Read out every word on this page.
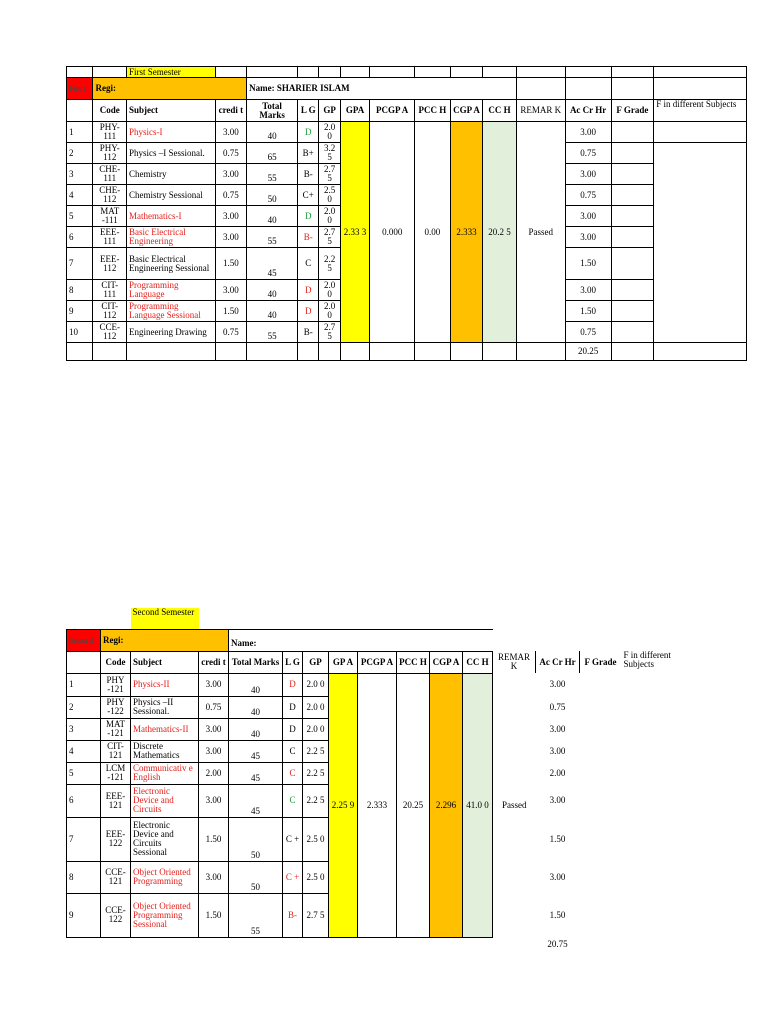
		First Semester													
Firs t	Regi:			Name: SHARIER ISLAM											
	Code	Subject	credi t	Total Marks	L G	GP	GPA	PCGP A	PCC H	CGP A	CC H	REMAR K	Ac Cr Hr	F Grade	F in different Subjects
1	PHY-111	Physics-I	3.00	40	D	2.0 0	2.33 3	0.000	0.00	2.333	20.2 5	Passed	3.00		
2	PHY-112	Physics –I Sessional.	0.75	65	B+	3.2 5							0.75		
3	CHE-111	Chemistry	3.00	55	B-	2.7 5							3.00		
4	CHE-112	Chemistry Sessional	0.75	50	C+	2.5 0							0.75		
5	MAT -111	Mathematics-I	3.00	40	D	2.0 0							3.00		
6	EEE-111	Basic Electrical Engineering	3.00	55	B-	2.7 5							3.00		
7	EEE-112	Basic Electrical Engineering Sessional	1.50	45	C	2.2 5							1.50		
8	CIT-111	Programming Language	3.00	40	D	2.0 0							3.00		
9	CIT-112	Programming Language Sessional	1.50	40	D	2.0 0							1.50		
10	CCE-112	Engineering Drawing	0.75	55	B-	2.7 5							0.75		
													20.25		
		Second Semester													
Seton d	Regi:			Name:											
	Code	Subject	credi t	Total Marks	L G	GP	GP A	PCGP A	PCC H	CGP A	CC H	REMAR K	Ac Cr Hr	F Grade	F in different Subjects
1	PHY -121	Physics-II	3.00	40	D	2.0 0	2.25 9	2.333	20.25	2.296	41.0 0	Passed	3.00		
2	PHY -122	Physics –II Sessional.	0.75	40	D	2.0 0							0.75		
3	MAT -121	Mathematics-II	3.00	40	D	2.0 0							3.00		
4	CIT-121	Discrete Mathematics	3.00	45	C	2.2 5							3.00		
5	LCM -121	Communicativ e English	2.00	45	C	2.2 5							2.00		
6	EEE-121	Electronic Device and Circuits	3.00	45	C	2.2 5							3.00		
7	EEE-122	Electronic Device and Circuits Sessional	1.50	50	C +	2.5 0							1.50		
8	CCE-121	Object Oriented Programming	3.00	50	C +	2.5 0							3.00		
9	CCE-122	Object Oriented Programming Sessional	1.50	55	B-	2.7 5							1.50		
													20.75		
